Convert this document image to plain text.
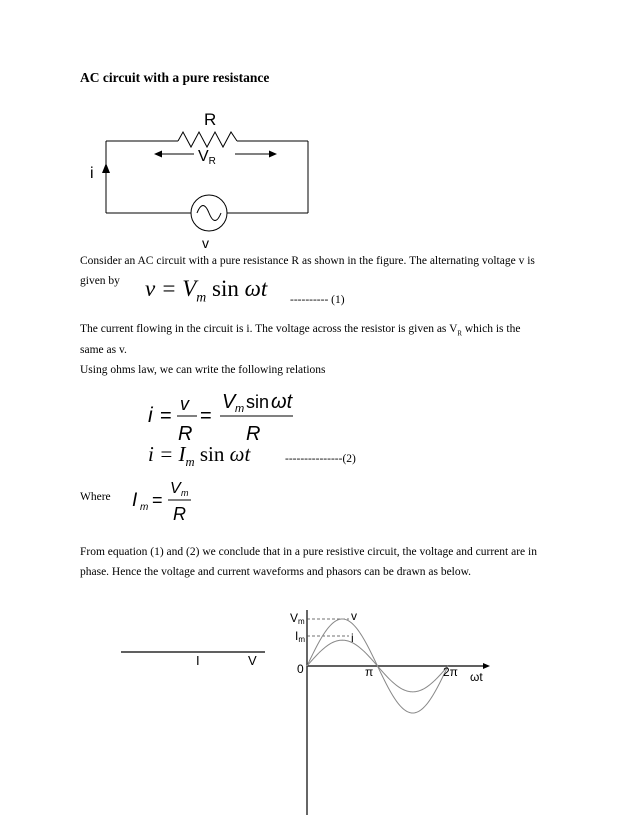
AC circuit with a pure resistance
R
VR
i
v
Consider an AC circuit with a pure resistance R as shown in the figure. The alternating voltage v is
given by $v = V_m$ sin ωt ---------- (1)
The current flowing in the circuit is i. The voltage across the resistor is given as $V_R$ which is the
same as v.
Using ohms law, we can write the following relations
i =
v
R
=
V m sin ωt
R
$i = I_m$ sin ωt	---------------(2)
Where I m =
V m
R
From equation (1) and (2) we conclude that in a pure resistive circuit, the voltage and current are in
phase. Hence the voltage and current waveforms and phasors can be drawn as below.
I	V
Vm
Im
0
v
i
π	2π ωt
